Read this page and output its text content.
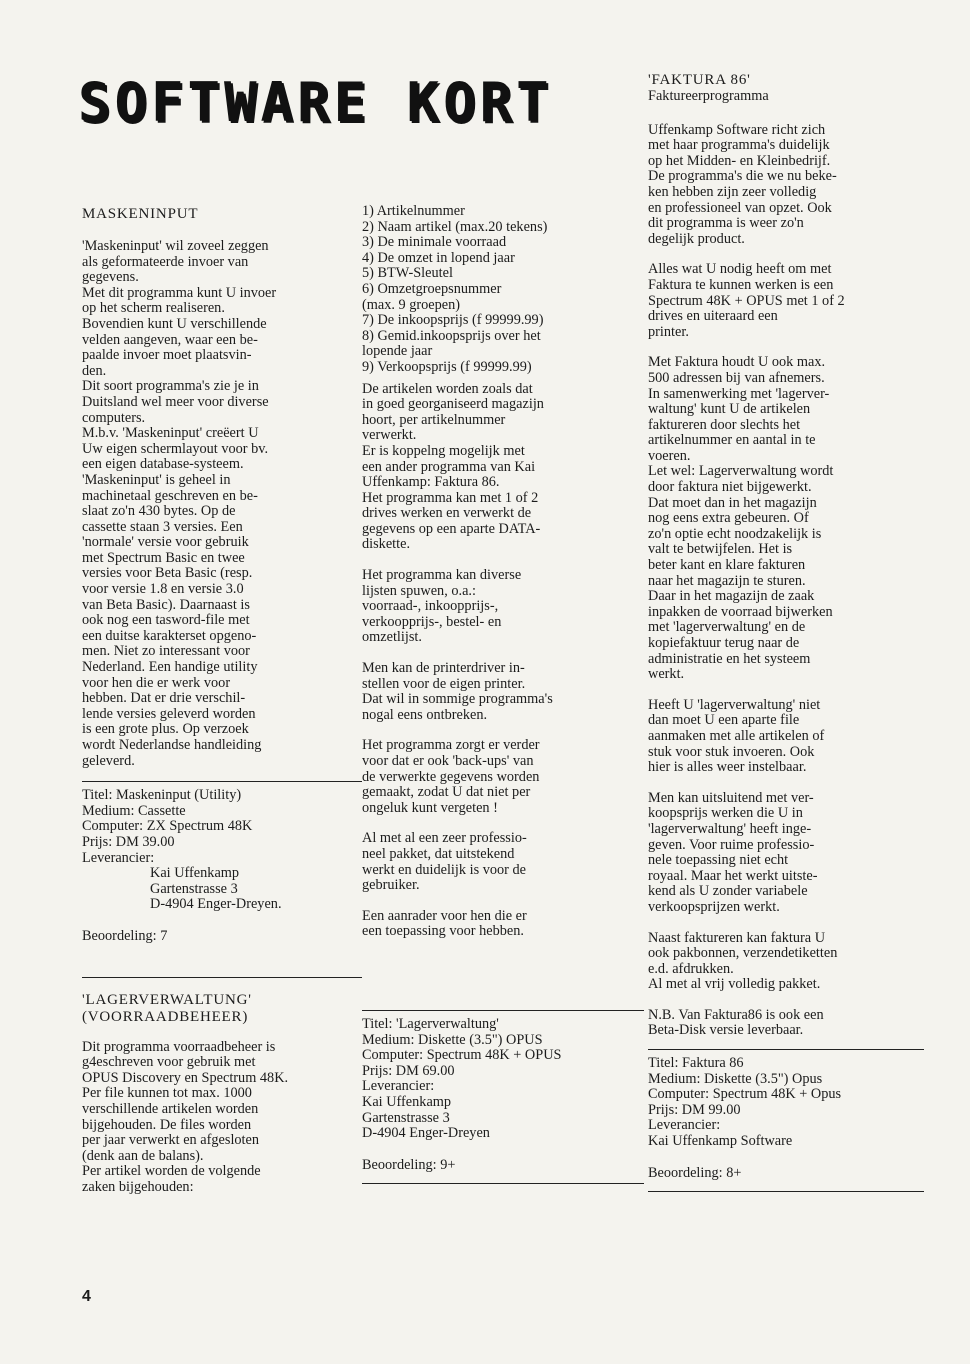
SOFTWARE KORT

MASKENINPUT

'Maskeninput' wil zoveel zeggen
als geformateerde invoer van
gegevens.
Met dit programma kunt U invoer
op het scherm realiseren.
Bovendien kunt U verschillende
velden aangeven, waar een be-
paalde invoer moet plaatsvin-
den.
Dit soort programma's zie je in
Duitsland wel meer voor diverse
computers.
M.b.v. 'Maskeninput' creëert U
Uw eigen schermlayout voor bv.
een eigen database-systeem.
'Maskeninput' is geheel in
machinetaal geschreven en be-
slaat zo'n 430 bytes. Op de
cassette staan 3 versies. Een
'normale' versie voor gebruik
met Spectrum Basic en twee
versies voor Beta Basic (resp.
voor versie 1.8 en versie 3.0
van Beta Basic). Daarnaast is
ook nog een tasword-file met
een duitse karakterset opgeno-
men. Niet zo interessant voor
Nederland. Een handige utility
voor hen die er werk voor
hebben. Dat er drie verschil-
lende versies geleverd worden
is een grote plus. Op verzoek
wordt Nederlandse handleiding
geleverd.

Titel: Maskeninput (Utility)

Medium: Cassette

Computer: ZX Spectrum 48K

Prijs: DM 39.00

Leverancier:

Kai Uffenkamp

Gartenstrasse 3

D-4904 Enger-Dreyen.

Beoordeling: 7

'LAGERVERWALTUNG'

(VOORRAADBEHEER)

Dit programma voorraadbeheer is
g4eschreven voor gebruik met
OPUS Discovery en Spectrum 48K.
Per file kunnen tot max. 1000
verschillende artikelen worden
bijgehouden. De files worden
per jaar verwerkt en afgesloten
(denk aan de balans).
Per artikel worden de volgende
zaken bijgehouden:

1) Artikelnummer
2) Naam artikel (max.20 tekens)
3) De minimale voorraad
4) De omzet in lopend jaar
5) BTW-Sleutel
6) Omzetgroepsnummer
(max. 9 groepen)
7) De inkoopsprijs (f 99999.99)
8) Gemid.inkoopsprijs over het
lopende jaar
9) Verkoopsprijs (f 99999.99)

De artikelen worden zoals dat
in goed georganiseerd magazijn
hoort, per artikelnummer
verwerkt.
Er is koppelng mogelijk met
een ander programma van Kai
Uffenkamp: Faktura 86.
Het programma kan met 1 of 2
drives werken en verwerkt de
gegevens op een aparte DATA-
diskette.

Het programma kan diverse
lijsten spuwen, o.a.:
voorraad-, inkoopprijs-,
verkoopprijs-, bestel- en
omzetlijst.

Men kan de printerdriver in-
stellen voor de eigen printer.
Dat wil in sommige programma's
nogal eens ontbreken.

Het programma zorgt er verder
voor dat er ook 'back-ups' van
de verwerkte gegevens worden
gemaakt, zodat U dat niet per
ongeluk kunt vergeten !

Al met al een zeer professio-
neel pakket, dat uitstekend
werkt en duidelijk is voor de
gebruiker.

Een aanrader voor hen die er
een toepassing voor hebben.

Titel: 'Lagerverwaltung'

Medium: Diskette (3.5") OPUS

Computer: Spectrum 48K + OPUS

Prijs: DM 69.00

Leverancier:

Kai Uffenkamp

Gartenstrasse 3

D-4904 Enger-Dreyen

Beoordeling: 9+

'FAKTURA 86'

Faktureerprogramma

Uffenkamp Software richt zich
met haar programma's duidelijk
op het Midden- en Kleinbedrijf.
De programma's die we nu beke-
ken hebben zijn zeer volledig
en professioneel van opzet. Ook
dit programma is weer zo'n
degelijk product.

Alles wat U nodig heeft om met
Faktura te kunnen werken is een
Spectrum 48K + OPUS met 1 of 2
drives en uiteraard een
printer.

Met Faktura houdt U ook max.
500 adressen bij van afnemers.
In samenwerking met 'lagerver-
waltung' kunt U de artikelen
faktureren door slechts het
artikelnummer en aantal in te
voeren.
Let wel: Lagerverwaltung wordt
door faktura niet bijgewerkt.
Dat moet dan in het magazijn
nog eens extra gebeuren. Of
zo'n optie echt noodzakelijk is
valt te betwijfelen. Het is
beter kant en klare fakturen
naar het magazijn te sturen.
Daar in het magazijn de zaak
inpakken de voorraad bijwerken
met 'lagerverwaltung' en de
kopiefaktuur terug naar de
administratie en het systeem
werkt.

Heeft U 'lagerverwaltung' niet
dan moet U een aparte file
aanmaken met alle artikelen of
stuk voor stuk invoeren. Ook
hier is alles weer instelbaar.

Men kan uitsluitend met ver-
koopsprijs werken die U in
'lagerverwaltung' heeft inge-
geven. Voor ruime professio-
nele toepassing niet echt
royaal. Maar het werkt uitste-
kend als U zonder variabele
verkoopsprijzen werkt.

Naast faktureren kan faktura U
ook pakbonnen, verzendetiketten
e.d. afdrukken.
Al met al vrij volledig pakket.

N.B. Van Faktura86 is ook een
Beta-Disk versie leverbaar.

Titel: Faktura 86

Medium: Diskette (3.5") Opus

Computer: Spectrum 48K + Opus

Prijs: DM 99.00

Leverancier:

Kai Uffenkamp Software

Beoordeling: 8+

4
